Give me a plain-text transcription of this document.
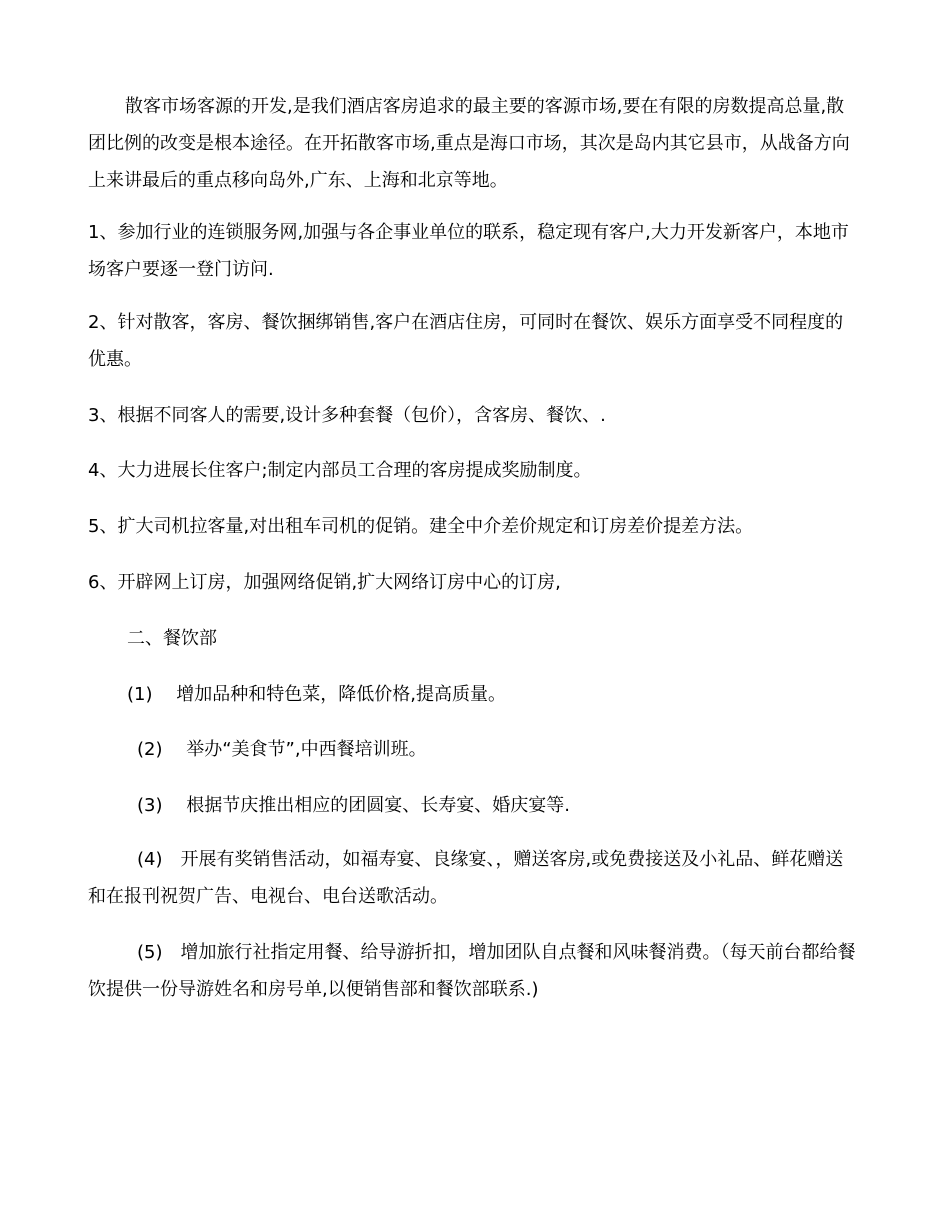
散客市场客源的开发,是我们酒店客房追求的最主要的客源市场,要在有限的房数提高总量,散团比例的改变是根本途径。在开拓散客市场,重点是海口市场，其次是岛内其它县市，从战备方向上来讲最后的重点移向岛外,广东、上海和北京等地。

1、参加行业的连锁服务网,加强与各企事业单位的联系，稳定现有客户,大力开发新客户，本地市场客户要逐一登门访问.

2、针对散客，客房、餐饮捆绑销售,客户在酒店住房，可同时在餐饮、娱乐方面享受不同程度的优惠。

3、根据不同客人的需要,设计多种套餐（包价），含客房、餐饮、.

4、大力进展长住客户;制定内部员工合理的客房提成奖励制度。

5、扩大司机拉客量,对出租车司机的促销。建全中介差价规定和订房差价提差方法。

6、开辟网上订房，加强网络促销,扩大网络订房中心的订房,

二、餐饮部

(1)　 增加品种和特色菜，降低价格,提高质量。

(2)　 举办“美食节”,中西餐培训班。

(3)　 根据节庆推出相应的团圆宴、长寿宴、婚庆宴等.

(4)　开展有奖销售活动，如福寿宴、良缘宴、，赠送客房,或免费接送及小礼品、鲜花赠送和在报刊祝贺广告、电视台、电台送歌活动。

(5)　增加旅行社指定用餐、给导游折扣，增加团队自点餐和风味餐消费。（每天前台都给餐饮提供一份导游姓名和房号单,以便销售部和餐饮部联系.)
